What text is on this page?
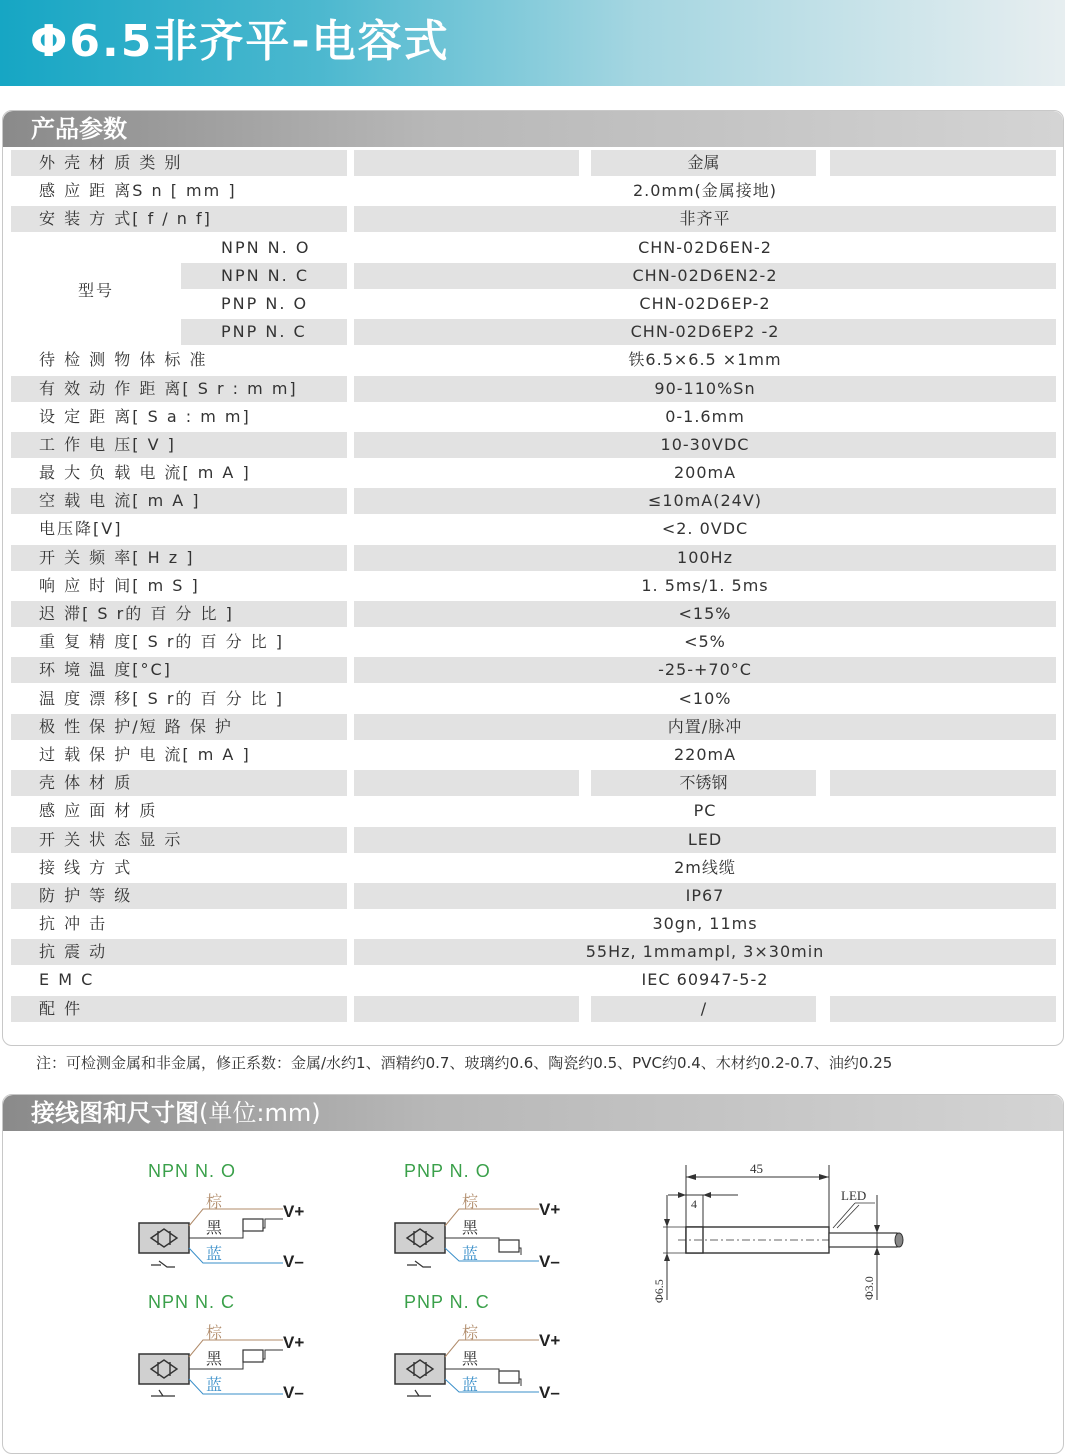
Φ6.5非齐平-电容式
产品参数
外 壳 材 质 类 别	金属
感 应 距 离S n [ mm ]	2.0mm(金属接地)
安 装 方 式[ f / n f]	非齐平
型号
NPN N. O	CHN-02D6EN-2
NPN N. C	CHN-02D6EN2-2
PNP N. O	CHN-02D6EP-2
PNP N. C	CHN-02D6EP2 -2
待 检 测 物 体 标 准	铁6.5×6.5 ×1mm
有 效 动 作 距 离[ S r : m m]	90-110%Sn
设 定 距 离[ S a : m m]	0-1.6mm
工 作 电 压[ V ]	10-30VDC
最 大 负 载 电 流[ m A ]	200mA
空 载 电 流[ m A ]	≤10mA(24V)
电压降[V]	<2. 0VDC
开 关 频 率[ H z ]	100Hz
响 应 时 间[ m S ]	1. 5ms/1. 5ms
迟 滞[ S r的 百 分 比 ]	<15%
重 复 精 度[ S r的 百 分 比 ]	<5%
环 境 温 度[°C]	-25-+70°C
温 度 漂 移[ S r的 百 分 比 ]	<10%
极 性 保 护/短 路 保 护	内置/脉冲
过 载 保 护 电 流[ m A ]	220mA
壳 体 材 质	不锈钢
感 应 面 材 质	PC
开 关 状 态 显 示	LED
接 线 方 式	2m线缆
防 护 等 级	IP67
抗 冲 击	30gn, 11ms
抗 震 动	55Hz, 1mmampl, 3×30min
E M C	IEC 60947-5-2
配 件	/
注：可检测金属和非金属，修正系数：金属/水约1、酒精约0.7、玻璃约0.6、陶瓷约0.5、PVC约0.4、木材约0.2-0.7、油约0.25
接线图和尺寸图(单位:mm)
NPN N. O
棕
黑
蓝
V+
V–
PNP N. O
棕
黑
蓝
V+
V–
NPN N. C
棕
黑
蓝
V+
V–
PNP N. C
棕
黑
蓝
V+
V–
45
4
LED
Φ6.5	Φ3.0
